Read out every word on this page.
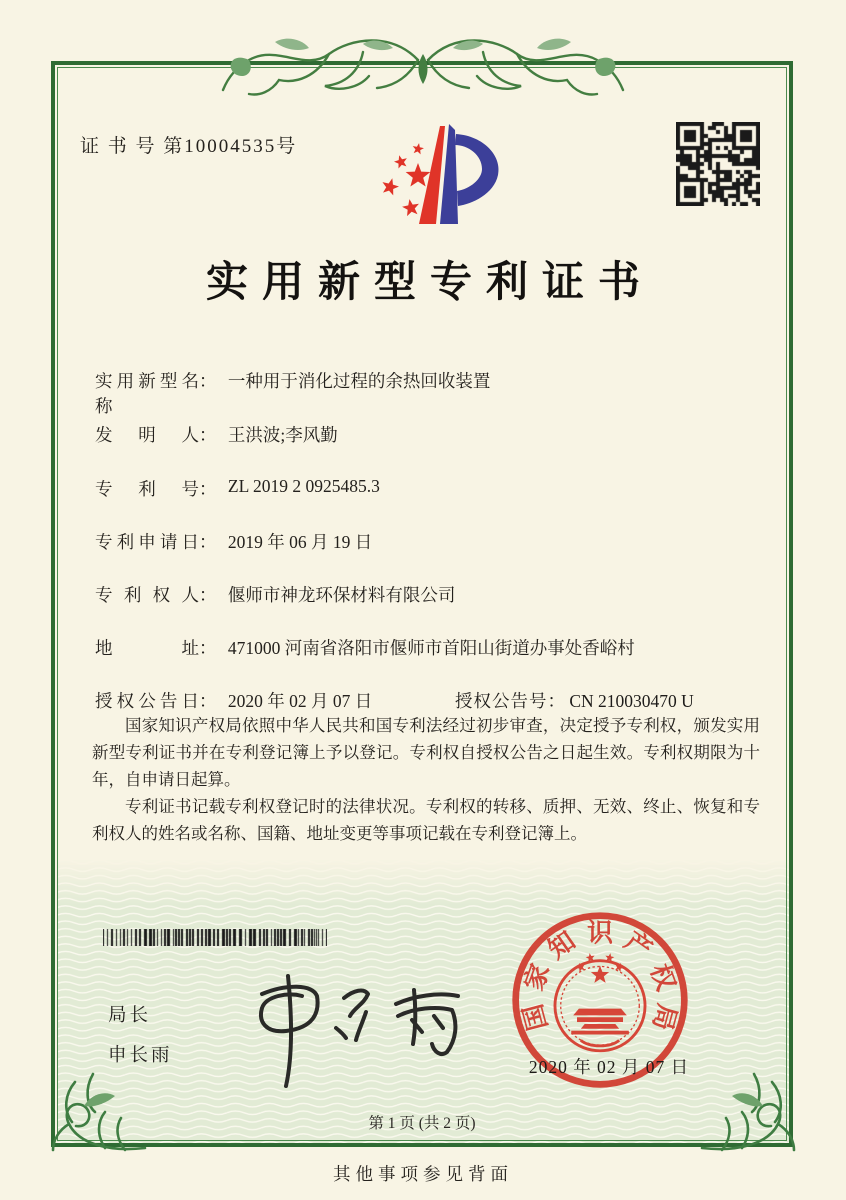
证 书 号 第10004535号
实用新型专利证书
实用新型名称： 一种用于消化过程的余热回收装置
发明人： 王洪波;李风勤
专利号： ZL 2019 2 0925485.3
专利申请日： 2019 年 06 月 19 日
专利权人： 偃师市神龙环保材料有限公司
地址： 471000 河南省洛阳市偃师市首阳山街道办事处香峪村
授权公告日： 2020 年 02 月 07 日	授权公告号： CN 210030470 U

国家知识产权局依照中华人民共和国专利法经过初步审查，决定授予专利权，颁发实用新型专利证书并在专利登记簿上予以登记。专利权自授权公告之日起生效。专利权期限为十年，自申请日起算。

专利证书记载专利权登记时的法律状况。专利权的转移、质押、无效、终止、恢复和专利权人的姓名或名称、国籍、地址变更等事项记载在专利登记簿上。

局长
申长雨
国
家
知 识 产
权
局
2020 年 02 月 07 日
第 1 页 (共 2 页)
其他事项参见背面
